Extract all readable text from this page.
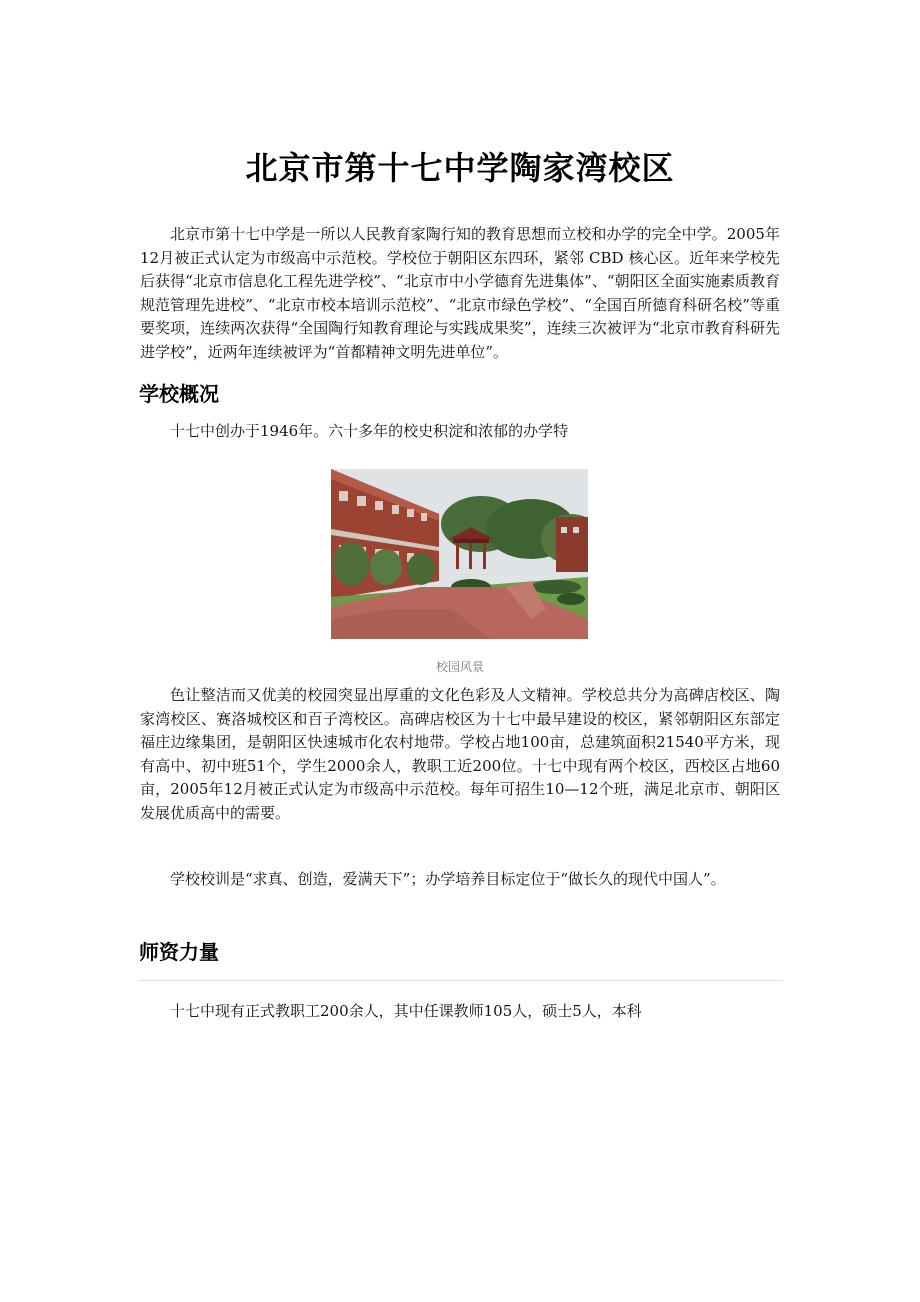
北京市第十七中学陶家湾校区

北京市第十七中学是一所以人民教育家陶行知的教育思想而立校和办学的完全中学。2005年12月被正式认定为市级高中示范校。学校位于朝阳区东四环，紧邻 CBD 核心区。近年来学校先后获得“北京市信息化工程先进学校”、“北京市中小学德育先进集体”、“朝阳区全面实施素质教育规范管理先进校”、“北京市校本培训示范校”、“北京市绿色学校”、“全国百所德育科研名校”等重要奖项，连续两次获得“全国陶行知教育理论与实践成果奖”，连续三次被评为“北京市教育科研先进学校”，近两年连续被评为“首都精神文明先进单位”。

学校概况

十七中创办于1946年。六十多年的校史积淀和浓郁的办学特

校园风景

色让整洁而又优美的校园突显出厚重的文化色彩及人文精神。学校总共分为高碑店校区、陶家湾校区、赛洛城校区和百子湾校区。高碑店校区为十七中最早建设的校区，紧邻朝阳区东部定福庄边缘集团，是朝阳区快速城市化农村地带。学校占地100亩，总建筑面积21540平方米，现有高中、初中班51个，学生2000余人，教职工近200位。十七中现有两个校区，西校区占地60亩，2005年12月被正式认定为市级高中示范校。每年可招生10—12个班，满足北京市、朝阳区发展优质高中的需要。

学校校训是“求真、创造，爱满天下”；办学培养目标定位于“做长久的现代中国人”。

师资力量

十七中现有正式教职工200余人，其中任课教师105人，硕士5人，本科
